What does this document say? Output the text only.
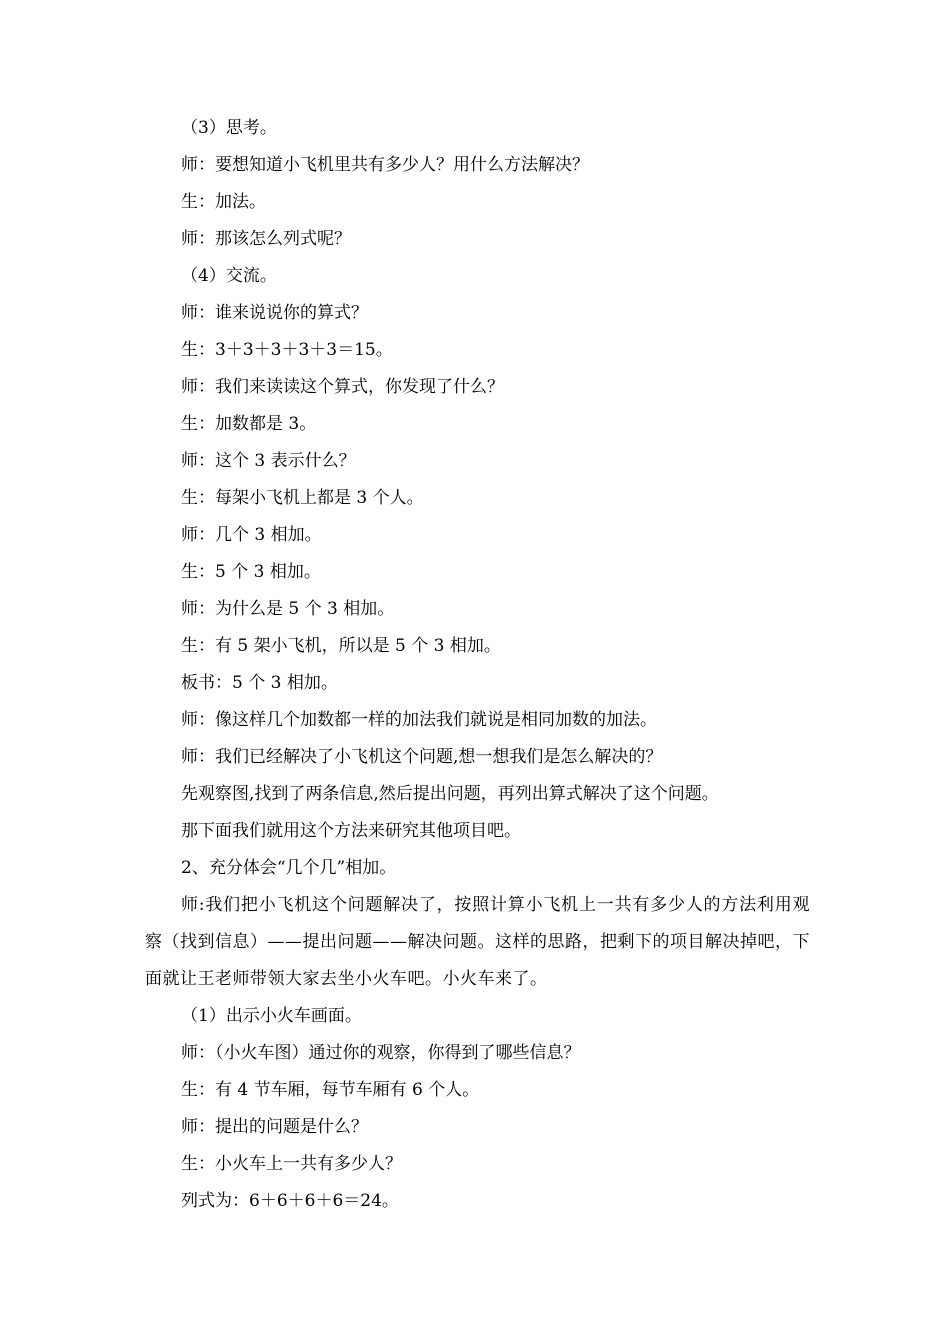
（3）思考。
师：要想知道小飞机里共有多少人？用什么方法解决？
生：加法。
师：那该怎么列式呢？
（4）交流。
师：谁来说说你的算式？
生：3＋3＋3＋3＋3＝15。
师：我们来读读这个算式，你发现了什么？
生：加数都是 3。
师：这个 3 表示什么？
生：每架小飞机上都是 3 个人。
师：几个 3 相加。
生：5 个 3 相加。
师：为什么是 5 个 3 相加。
生：有 5 架小飞机，所以是 5 个 3 相加。
板书：5 个 3 相加。
师：像这样几个加数都一样的加法我们就说是相同加数的加法。
师：我们已经解决了小飞机这个问题,想一想我们是怎么解决的？
先观察图,找到了两条信息,然后提出问题，再列出算式解决了这个问题。
那下面我们就用这个方法来研究其他项目吧。
2、充分体会“几个几”相加。

师:我们把小飞机这个问题解决了，按照计算小飞机上一共有多少人的方法利用观察（找到信息）——提出问题——解决问题。这样的思路，把剩下的项目解决掉吧，下面就让王老师带领大家去坐小火车吧。小火车来了。

（1）出示小火车画面。
师：（小火车图）通过你的观察，你得到了哪些信息？
生：有 4 节车厢，每节车厢有 6 个人。
师：提出的问题是什么？
生：小火车上一共有多少人？
列式为：6＋6＋6＋6＝24。
